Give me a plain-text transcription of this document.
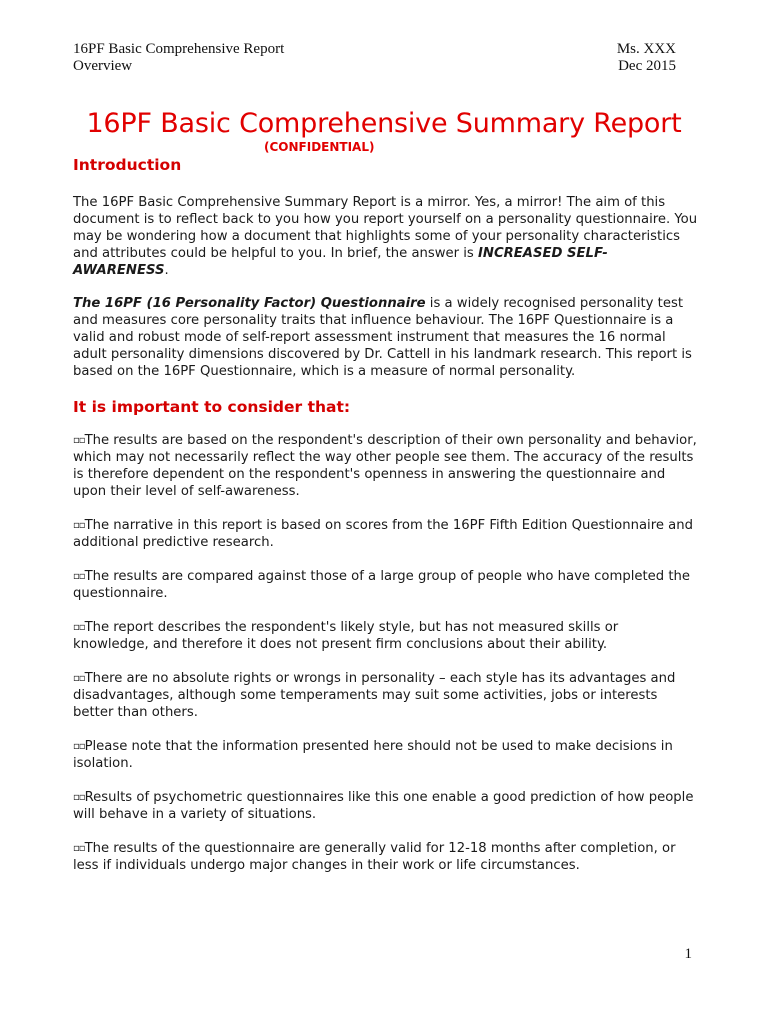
16PF Basic Comprehensive Report	Ms. XXX
Overview	Dec 2015
16PF Basic Comprehensive Summary Report
(CONFIDENTIAL)
Introduction

The 16PF Basic Comprehensive Summary Report is a mirror. Yes, a mirror! The aim of this document is to reflect back to you how you report yourself on a personality questionnaire. You may be wondering how a document that highlights some of your personality characteristics and attributes could be helpful to you. In brief, the answer is INCREASED SELF-AWARENESS.

The 16PF (16 Personality Factor) Questionnaire is a widely recognised personality test and measures core personality traits that influence behaviour. The 16PF Questionnaire is a valid and robust mode of self-report assessment instrument that measures the 16 normal adult personality dimensions discovered by Dr. Cattell in his landmark research. This report is based on the 16PF Questionnaire, which is a measure of normal personality.

It is important to consider that:

▫▫The results are based on the respondent's description of their own personality and behavior, which may not necessarily reflect the way other people see them. The accuracy of the results is therefore dependent on the respondent's openness in answering the questionnaire and upon their level of self-awareness.

▫▫The narrative in this report is based on scores from the 16PF Fifth Edition Questionnaire and additional predictive research.

▫▫The results are compared against those of a large group of people who have completed the questionnaire.

▫▫The report describes the respondent's likely style, but has not measured skills or knowledge, and therefore it does not present firm conclusions about their ability.

▫▫There are no absolute rights or wrongs in personality – each style has its advantages and disadvantages, although some temperaments may suit some activities, jobs or interests better than others.

▫▫Please note that the information presented here should not be used to make decisions in isolation.

▫▫Results of psychometric questionnaires like this one enable a good prediction of how people will behave in a variety of situations.

▫▫The results of the questionnaire are generally valid for 12-18 months after completion, or less if individuals undergo major changes in their work or life circumstances.

1
